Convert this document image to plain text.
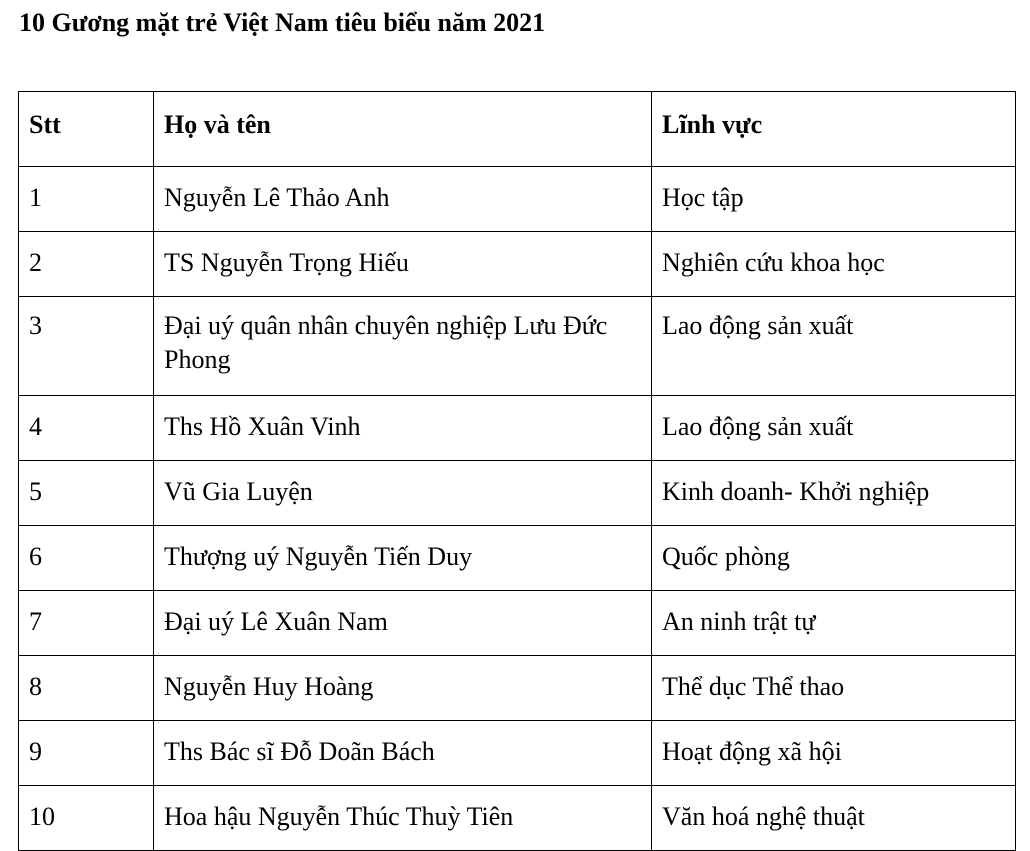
10 Gương mặt trẻ Việt Nam tiêu biểu năm 2021
Stt	Họ và tên	Lĩnh vực
1	Nguyễn Lê Thảo Anh	Học tập
2	TS Nguyễn Trọng Hiếu	Nghiên cứu khoa học
3	Đại uý quân nhân chuyên nghiệp Lưu Đức Phong	Lao động sản xuất
4	Ths Hồ Xuân Vinh	Lao động sản xuất
5	Vũ Gia Luyện	Kinh doanh- Khởi nghiệp
6	Thượng uý Nguyễn Tiến Duy	Quốc phòng
7	Đại uý Lê Xuân Nam	An ninh trật tự
8	Nguyễn Huy Hoàng	Thể dục Thể thao
9	Ths Bác sĩ Đỗ Doãn Bách	Hoạt động xã hội
10	Hoa hậu Nguyễn Thúc Thuỳ Tiên	Văn hoá nghệ thuật
